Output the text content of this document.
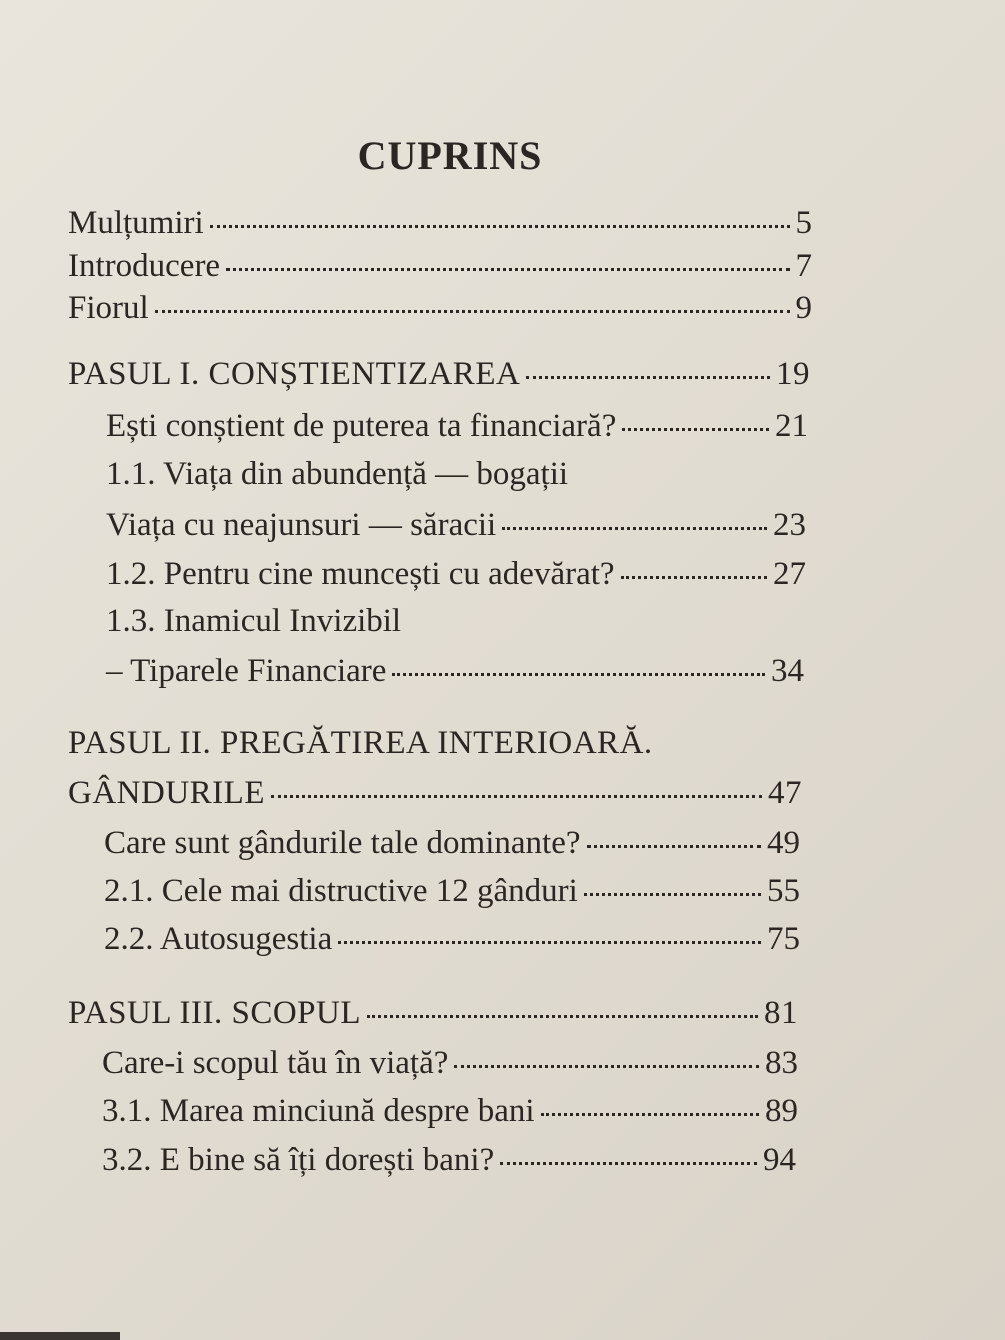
CUPRINS
Mulțumiri	5
Introducere	7
Fiorul	9
PASUL I. CONȘTIENTIZAREA	19
Ești conștient de puterea ta financiară?	21
1.1. Viața din abundență — bogații
Viața cu neajunsuri — săracii	23
1.2. Pentru cine muncești cu adevărat?	27
1.3. Inamicul Invizibil
– Tiparele Financiare	34
PASUL II. PREGĂTIREA INTERIOARĂ.
GÂNDURILE	47
Care sunt gândurile tale dominante?	49
2.1. Cele mai distructive 12 gânduri	55
2.2. Autosugestia	75
PASUL III. SCOPUL	81
Care-i scopul tău în viață?	83
3.1. Marea minciună despre bani	89
3.2. E bine să îți dorești bani?	94
